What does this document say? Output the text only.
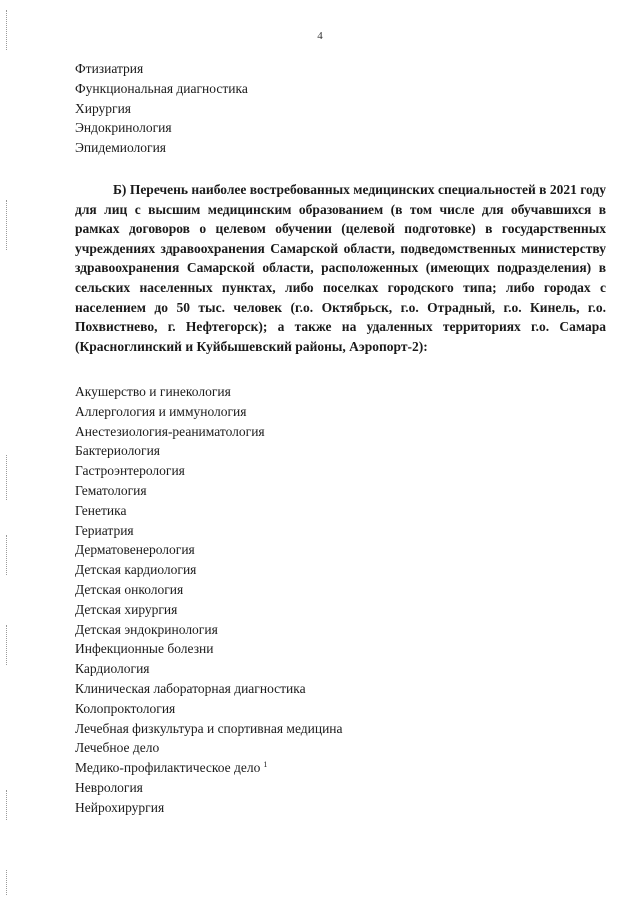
4
Фтизиатрия
Функциональная диагностика
Хирургия
Эндокринология
Эпидемиология

Б) Перечень наиболее востребованных медицинских специальностей в 2021 году для лиц с высшим медицинским образованием (в том числе для обучавшихся в рамках договоров о целевом обучении (целевой подготовке) в государственных учреждениях здравоохранения Самарской области, подведомственных министерству здравоохранения Самарской области, расположенных (имеющих подразделения) в сельских населенных пунктах, либо поселках городского типа; либо городах с населением до 50 тыс. человек (г.о. Октябрьск, г.о. Отрадный, г.о. Кинель, г.о. Похвистнево, г. Нефтегорск); а также на удаленных территориях г.о. Самара (Красноглинский и Куйбышевский районы, Аэропорт-2):

Акушерство и гинекология
Аллергология и иммунология
Анестезиология-реаниматология
Бактериология
Гастроэнтерология
Гематология
Генетика
Гериатрия
Дерматовенерология
Детская кардиология
Детская онкология
Детская хирургия
Детская эндокринология
Инфекционные болезни
Кардиология
Клиническая лабораторная диагностика
Колопроктология
Лечебная физкультура и спортивная медицина
Лечебное дело
Медико-профилактическое дело $^1$
Неврология
Нейрохирургия
